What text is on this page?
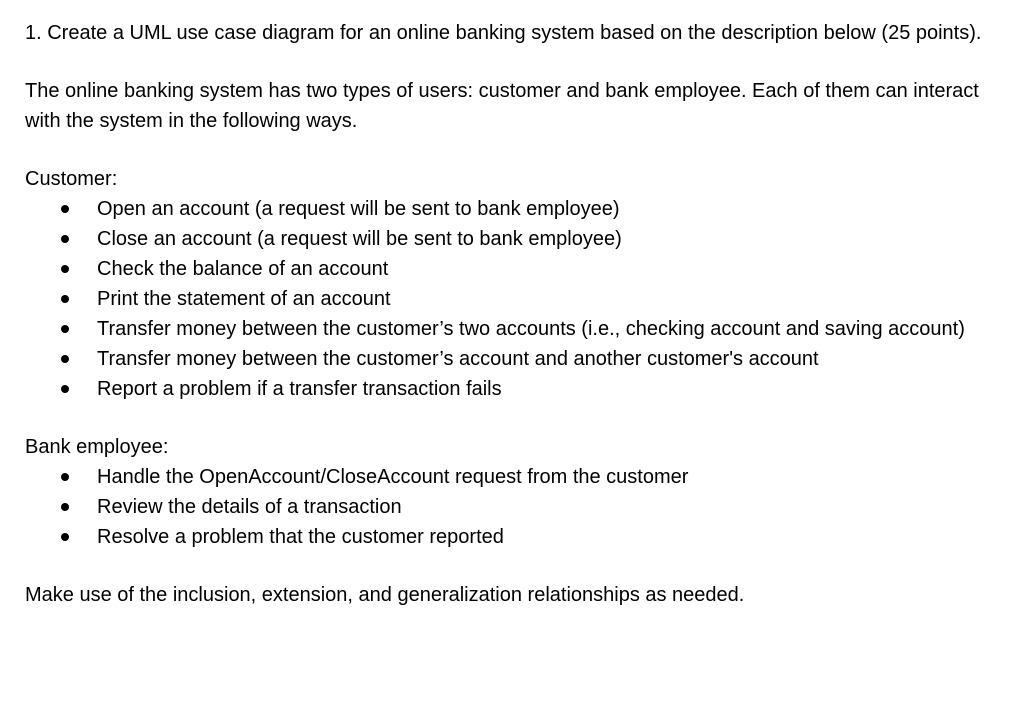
1. Create a UML use case diagram for an online banking system based on the description below (25 points).

The online banking system has two types of users: customer and bank employee. Each of them can interact with the system in the following ways.

Customer:

Open an account (a request will be sent to bank employee)
Close an account (a request will be sent to bank employee)
Check the balance of an account
Print the statement of an account
Transfer money between the customer’s two accounts (i.e., checking account and saving account)
Transfer money between the customer’s account and another customer's account
Report a problem if a transfer transaction fails

Bank employee:

Handle the OpenAccount/CloseAccount request from the customer
Review the details of a transaction
Resolve a problem that the customer reported

Make use of the inclusion, extension, and generalization relationships as needed.
